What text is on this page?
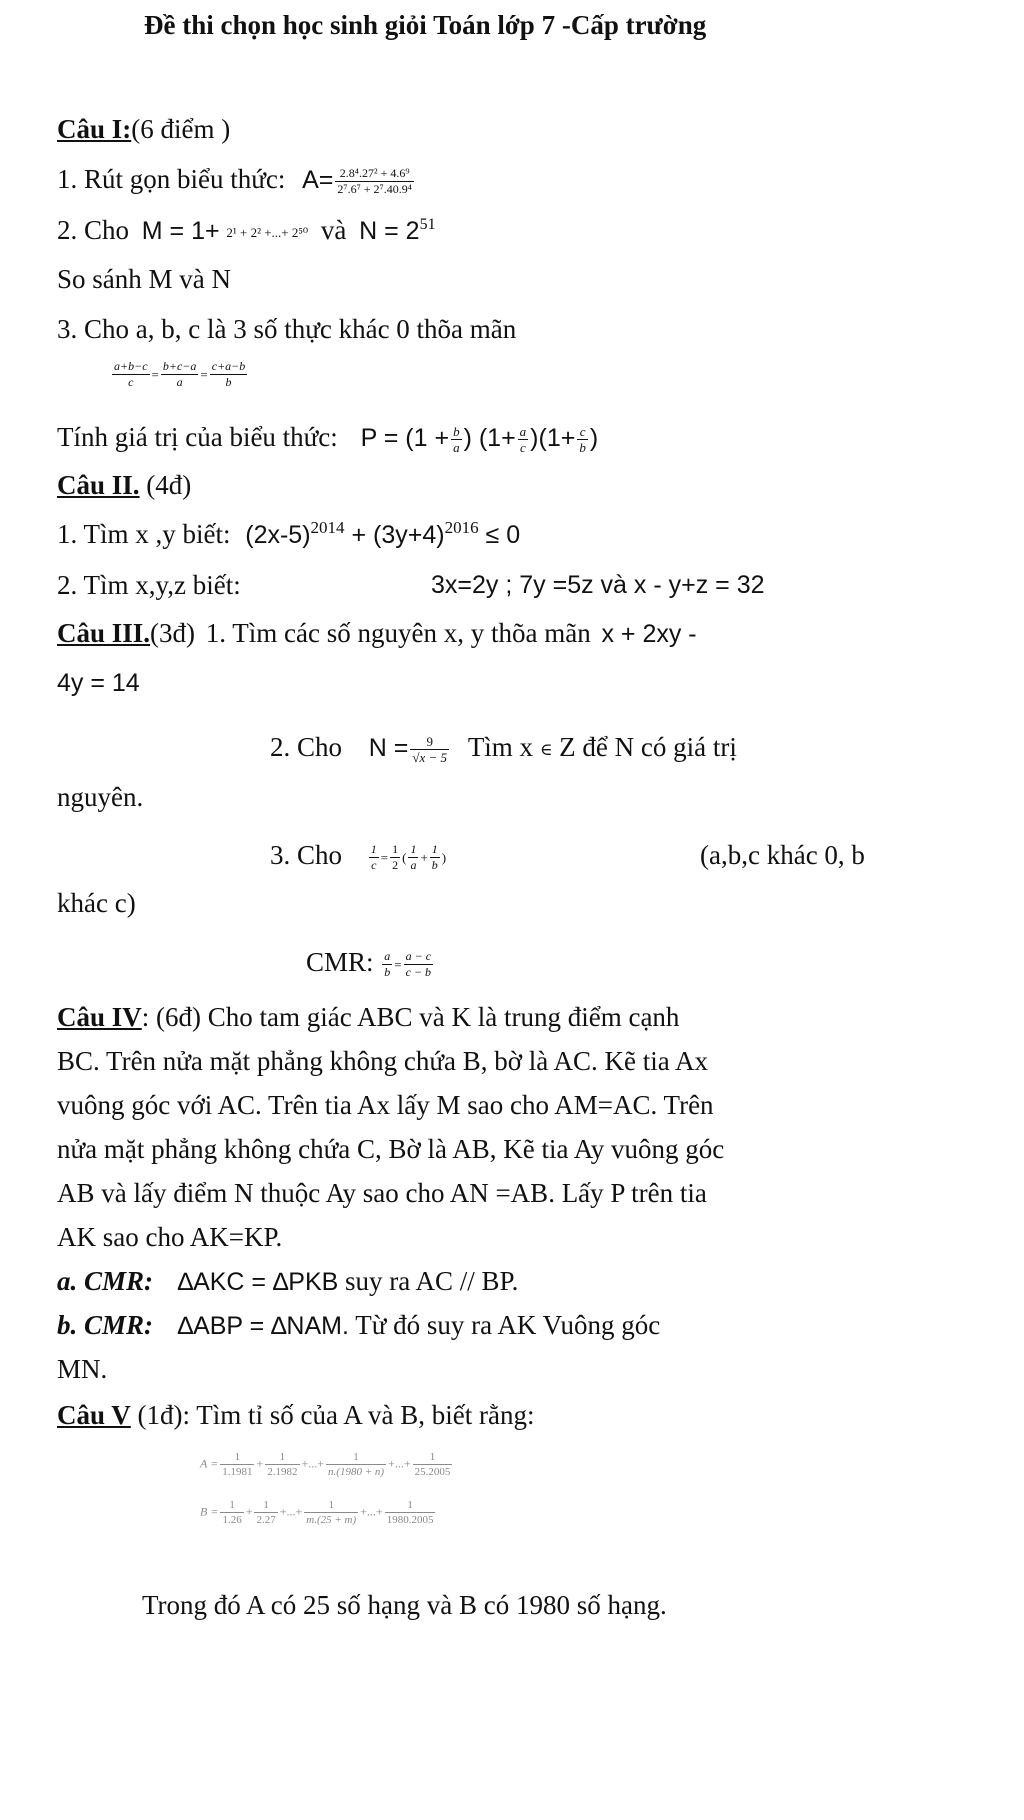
Đề thi chọn học sinh giỏi Toán lớp 7 -Cấp trường
Câu I:(6 điểm )
1. Rút gọn biểu thức: $A= \frac{\text{2.8⁴.27² + 4.6⁹}}{\text{2⁷.6⁷ + 2⁷.40.9⁴}}$
2. Cho M = 1+ 2¹ + 2² +...+ 2⁵⁰ và $N = 2^{51}$
So sánh M và N
3. Cho a, b, c là 3 số thực khác 0 thõa mãn
$\frac{a+b-c}{c} = \frac{b+c-a}{a} = \frac{c+a-b}{b}$
Tính giá trị của biểu thức: $P = (1 + \frac{b}{a}$ ) $(1+ \frac{a}{c} )(1+ \frac{c}{b}$ )
Câu II. (4đ)
1. Tìm x ,y biết: $(2x-5)^{2014} + (3y+4)^{2016} \le 0$
2. Tìm x,y,z biết:	3x=2y ; 7y =5z và x - y+z = 32
Câu III.(3đ) 1. Tìm các số nguyên x, y thõa mãn x + 2xy -
4y = 14
2. Cho $N = \frac{9}{√x - 5}$ Tìm x ∈ Z để N có giá trị
nguyên.
3. Cho $\frac{1}{c} = \frac{1}{2}$ ( $\frac{1}{a} + \frac{1}{b}$ )	(a,b,c khác 0, b
khác c)
CMR: $\frac{a}{b} = \frac{a - c}{c - b}$
Câu IV: (6đ) Cho tam giác ABC và K là trung điểm cạnh
BC. Trên nửa mặt phẳng không chứa B, bờ là AC. Kẽ tia Ax
vuông góc với AC. Trên tia Ax lấy M sao cho AM=AC. Trên
nửa mặt phẳng không chứa C, Bờ là AB, Kẽ tia Ay vuông góc
AB và lấy điểm N thuộc Ay sao cho AN =AB. Lấy P trên tia
AK sao cho AK=KP.
a. CMR: ∆AKC = ∆PKB suy ra AC // BP.
b. CMR: ∆ABP = ∆NAM. Từ đó suy ra AK Vuông góc
MN.
Câu V (1đ): Tìm tỉ số của A và B, biết rằng:
$A = \frac{1}{1.1981} + \frac{1}{2.1982}$ +...+ $\frac{1}{n.(1980 + n)}$ +...+ $\frac{1}{25.2005}$
$B = \frac{1}{1.26} + \frac{1}{2.27}$ +...+ $\frac{1}{m.(25 + m)}$ +...+ $\frac{1}{1980.2005}$
Trong đó A có 25 số hạng và B có 1980 số hạng.
